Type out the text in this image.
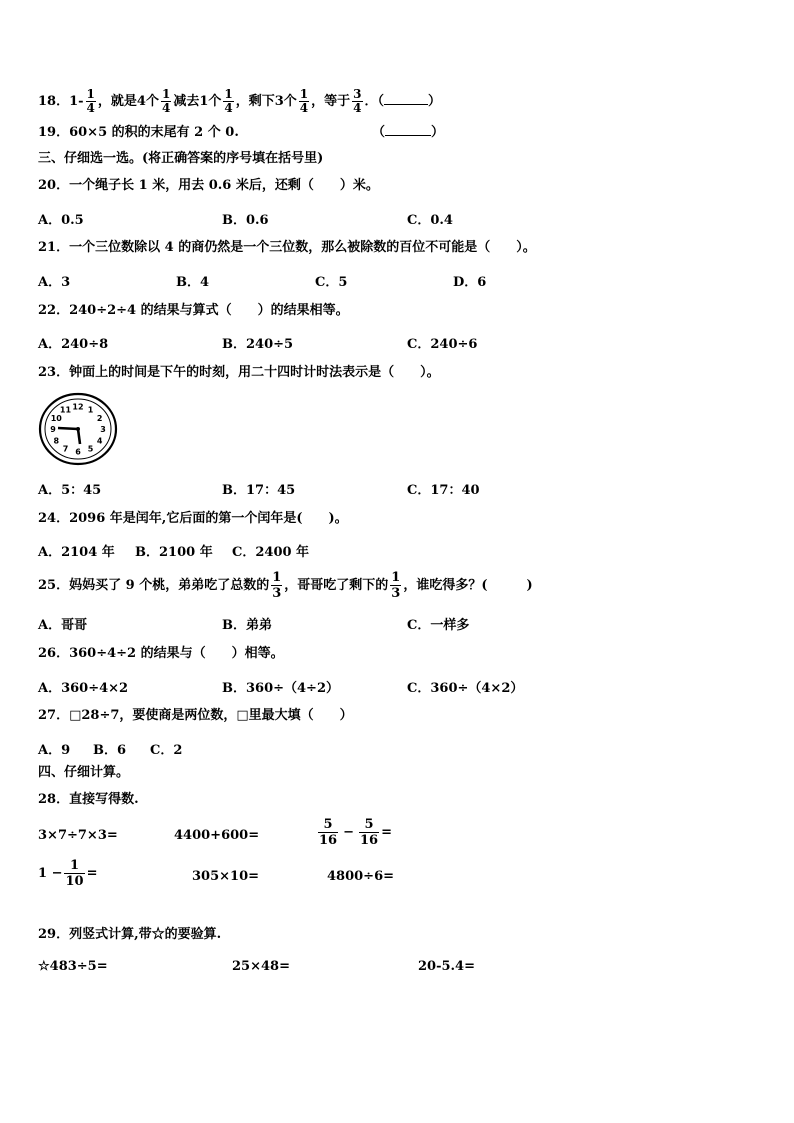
18．$1- \frac{1}{4}$ ，就是4个 $\frac{1}{4}$ 减去1个 $\frac{1}{4}$ ，剩下3个 $\frac{1}{4}$ ，等于 $\frac{3}{4}$ ．（	）
19．60×5 的积的末尾有 2 个 0.	（	）
三、仔细选一选。(将正确答案的序号填在括号里)
20．一个绳子长 1 米，用去 0.6 米后，还剩（　　）米。
A．0.5	B．0.6	C．0.4
21．一个三位数除以 4 的商仍然是一个三位数，那么被除数的百位不可能是（　　）。
A．3	B．4	C．5	D．6
22．240÷2÷4 的结果与算式（　　）的结果相等。
A．240÷8	B．240÷5	C．240÷6
23．钟面上的时间是下午的时刻，用二十四时计时法表示是（　　）。
12 1
2
3
4
5
6
7
8
9
10
11
A．5：45	B．17：45	C．17：40
24．2096 年是闰年,它后面的第一个闰年是(　　)。
A．2104 年 B．2100 年 C．2400 年
25．妈妈买了 9 个桃，弟弟吃了总数的 $\frac{1}{3}$ ，哥哥吃了剩下的 $\frac{1}{3}$ ，谁吃得多？(　　　)
A．哥哥	B．弟弟	C．一样多
26．360÷4÷2 的结果与（　　）相等。
A．360÷4×2	B．360÷（4÷2）	C．360÷（4×2）
27．□28÷7，要使商是两位数，□里最大填（　　）
A．9 B．6 C．2
四、仔细计算。
28．直接写得数.
3×7÷7×3=	4400+600=	$\frac{5}{16} - \frac{5}{16}$ =
$1 - \frac{1}{10}$ =	305×10=	4800÷6=
29．列竖式计算,带☆的要验算.
☆483÷5=	25×48=	20-5.4=
